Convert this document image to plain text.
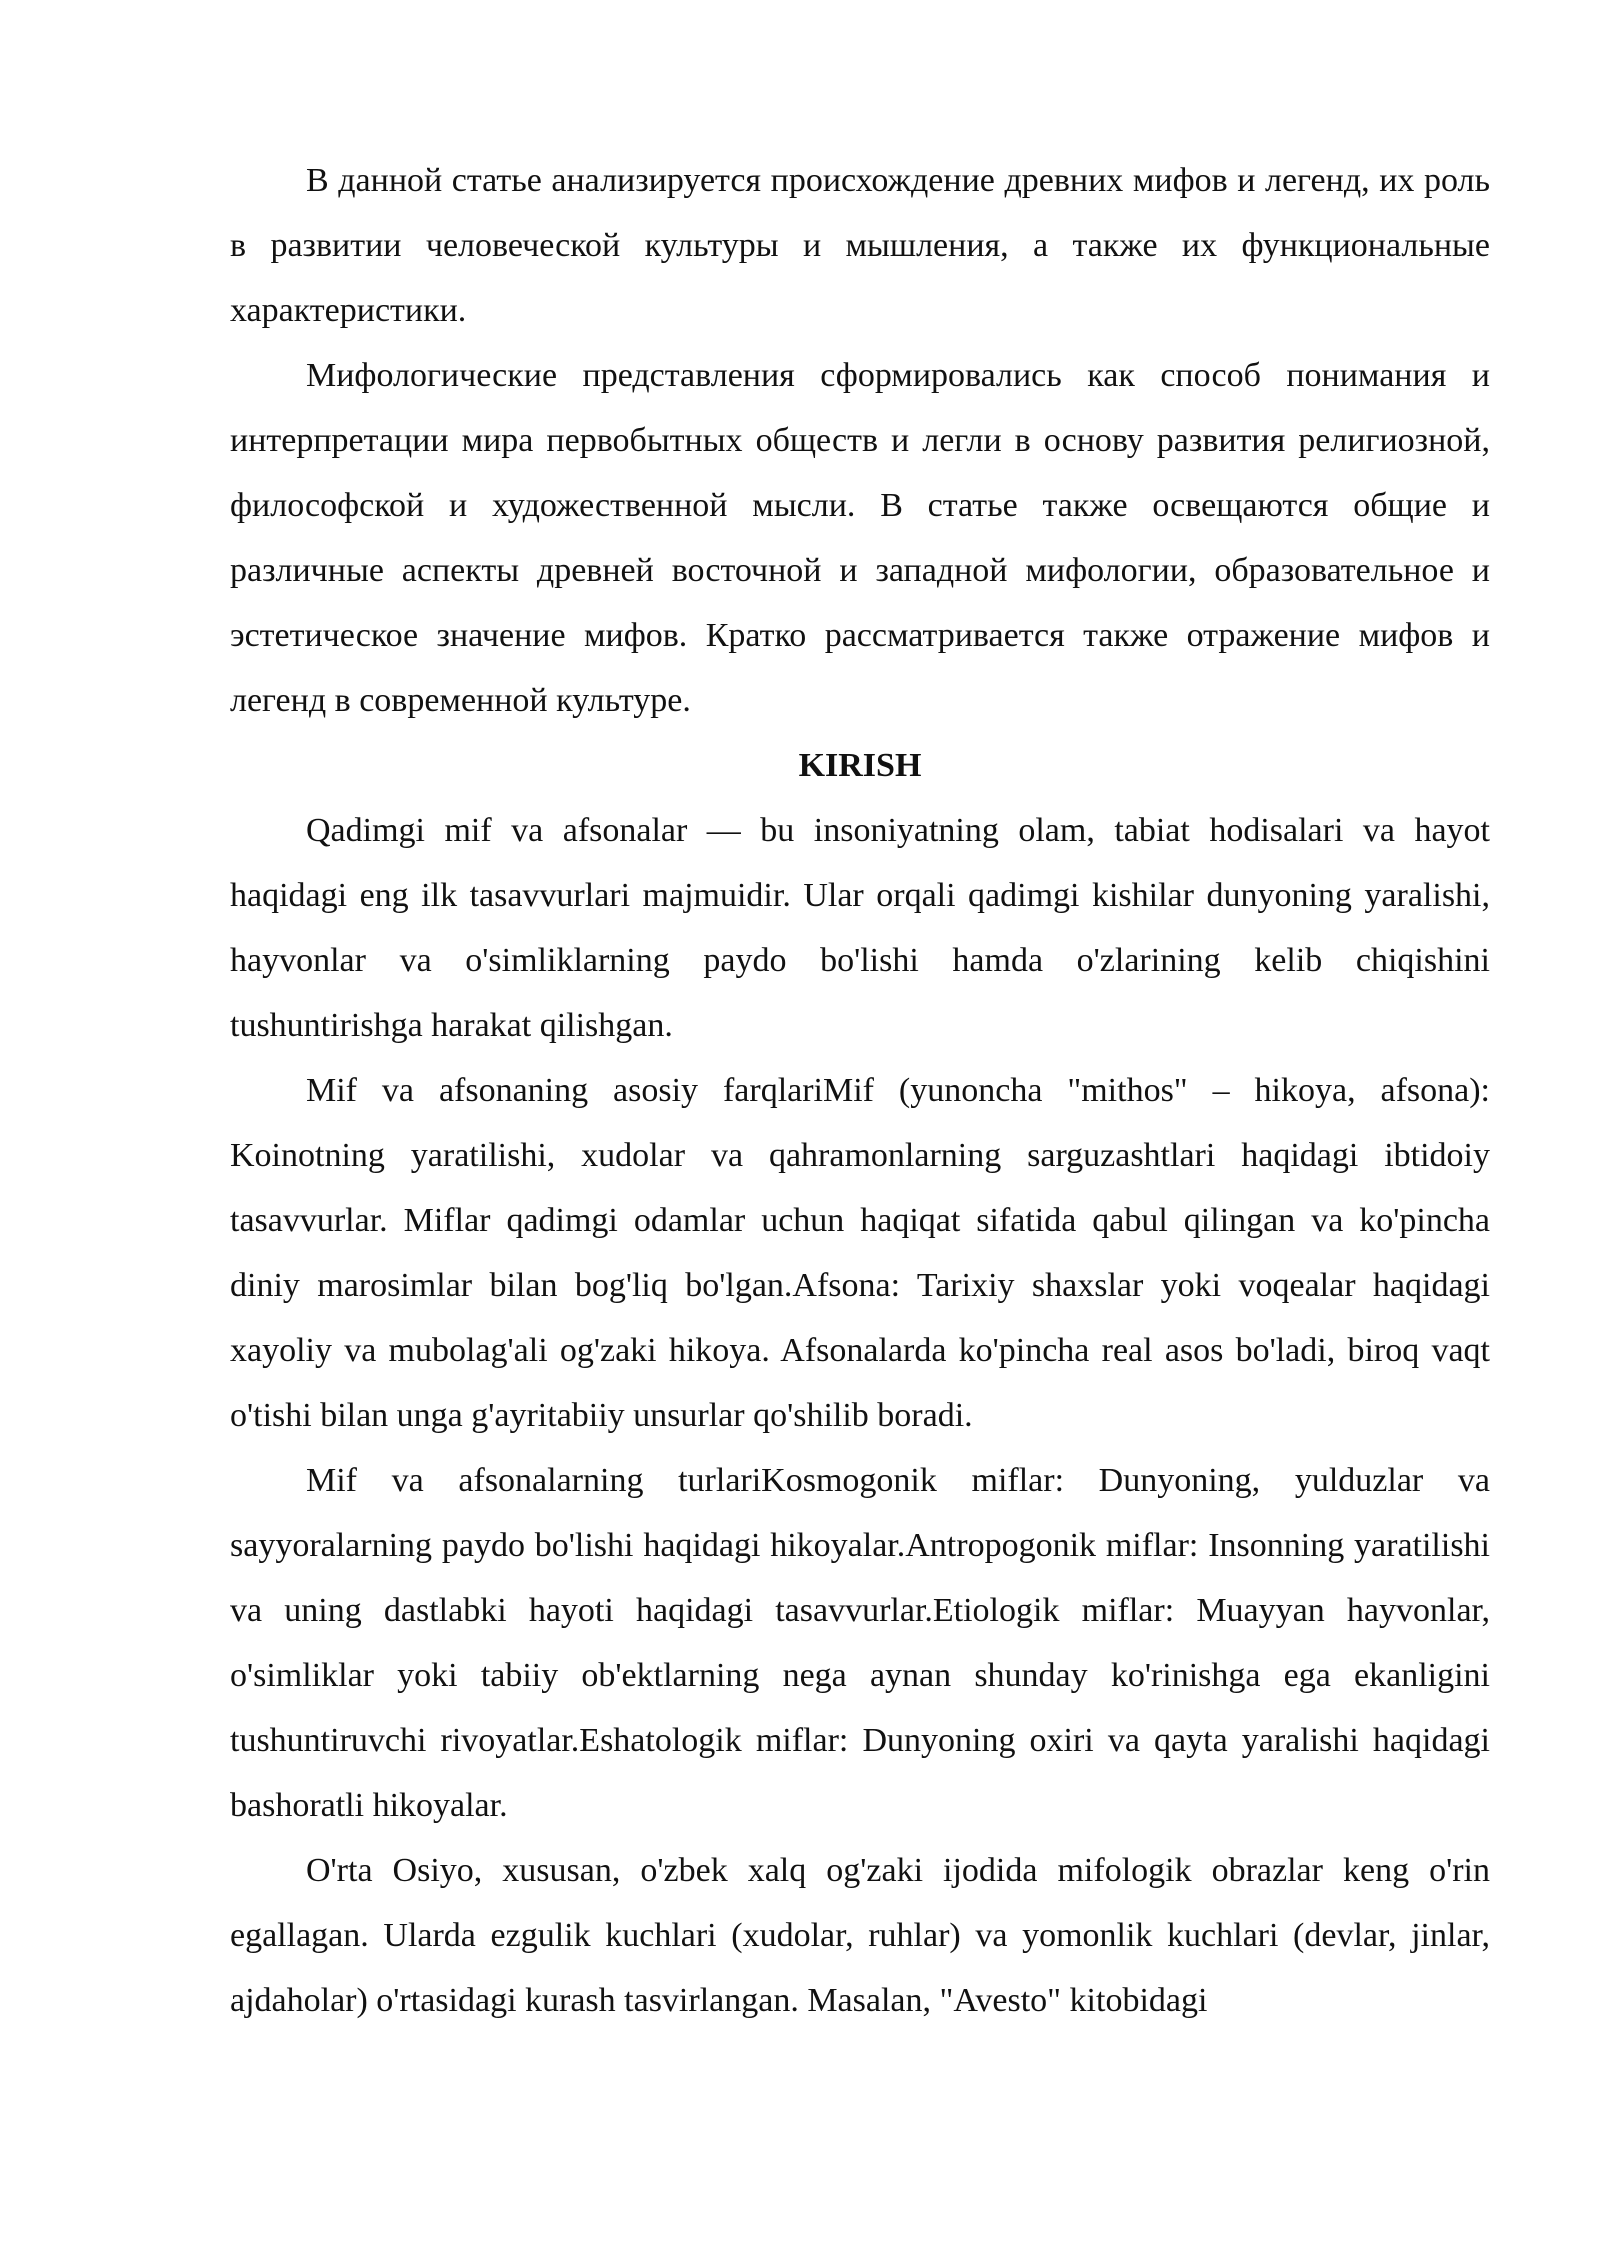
В данной статье анализируется происхождение древних мифов и легенд, их роль в развитии человеческой культуры и мышления, а также их функциональные характеристики.

Мифологические представления сформировались как способ понимания и интерпретации мира первобытных обществ и легли в основу развития религиозной, философской и художественной мысли. В статье также освещаются общие и различные аспекты древней восточной и западной мифологии, образовательное и эстетическое значение мифов. Кратко рассматривается также отражение мифов и легенд в современной культуре.

KIRISH

Qadimgi mif va afsonalar — bu insoniyatning olam, tabiat hodisalari va hayot haqidagi eng ilk tasavvurlari majmuidir. Ular orqali qadimgi kishilar dunyoning yaralishi, hayvonlar va o'simliklarning paydo bo'lishi hamda o'zlarining kelib chiqishini tushuntirishga harakat qilishgan.

Mif va afsonaning asosiy farqlariMif (yunoncha "mithos" – hikoya, afsona): Koinotning yaratilishi, xudolar va qahramonlarning sarguzashtlari haqidagi ibtidoiy tasavvurlar. Miflar qadimgi odamlar uchun haqiqat sifatida qabul qilingan va ko'pincha diniy marosimlar bilan bog'liq bo'lgan.Afsona: Tarixiy shaxslar yoki voqealar haqidagi xayoliy va mubolag'ali og'zaki hikoya. Afsonalarda ko'pincha real asos bo'ladi, biroq vaqt o'tishi bilan unga g'ayritabiiy unsurlar qo'shilib boradi.

Mif va afsonalarning turlariKosmogonik miflar: Dunyoning, yulduzlar va sayyoralarning paydo bo'lishi haqidagi hikoyalar.Antropogonik miflar: Insonning yaratilishi va uning dastlabki hayoti haqidagi tasavvurlar.Etiologik miflar: Muayyan hayvonlar, o'simliklar yoki tabiiy ob'ektlarning nega aynan shunday ko'rinishga ega ekanligini tushuntiruvchi rivoyatlar.Eshatologik miflar: Dunyoning oxiri va qayta yaralishi haqidagi bashoratli hikoyalar.

O'rta Osiyo, xususan, o'zbek xalq og'zaki ijodida mifologik obrazlar keng o'rin egallagan. Ularda ezgulik kuchlari (xudolar, ruhlar) va yomonlik kuchlari (devlar, jinlar, ajdaholar) o'rtasidagi kurash tasvirlangan. Masalan, "Avesto" kitobidagi
